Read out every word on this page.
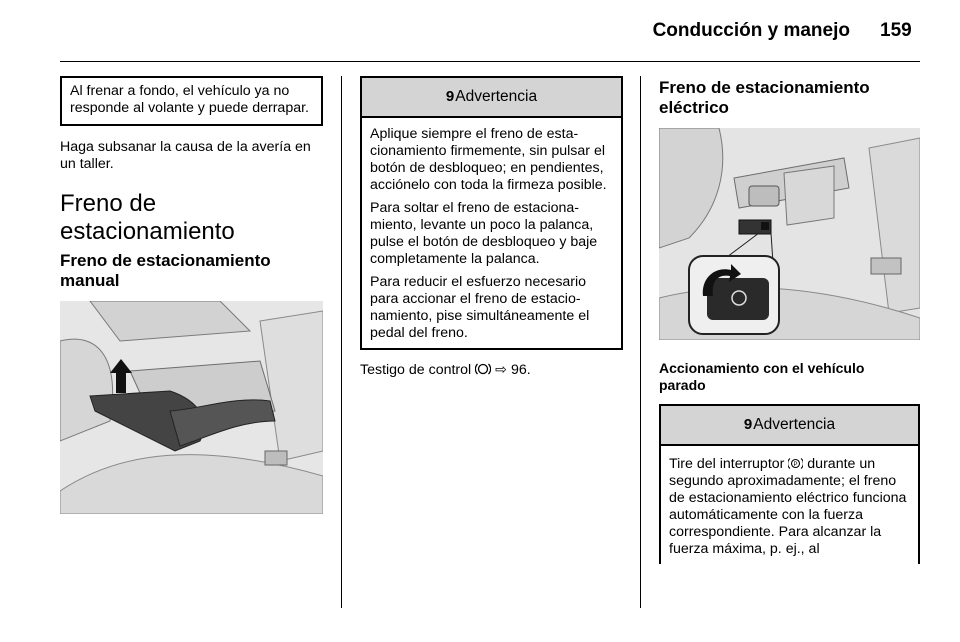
Conducción y manejo 159
Al frenar a fondo, el vehículo ya no responde al volante y puede derrapar.

Haga subsanar la causa de la avería en un taller.

Freno de estacionamiento
Freno de estacionamiento manual
9Advertencia

Aplique siempre el freno de estacionamiento firmemente, sin pulsar el botón de desbloqueo; en pendientes, acciónelo con toda la firmeza posible.

Para soltar el freno de estacionamiento, levante un poco la palanca, pulse el botón de desbloqueo y baje completamente la palanca.

Para reducir el esfuerzo necesario para accionar el freno de estacionamiento, pise simultáneamente el pedal del freno.

Testigo de control ⇨ 96.

Freno de estacionamiento eléctrico
Accionamiento con el vehículo parado
9Advertencia

Tire del interruptor P durante un segundo aproximadamente; el freno de estacionamiento eléctrico funciona automáticamente con la fuerza correspondiente. Para alcanzar la fuerza máxima, p. ej., al
